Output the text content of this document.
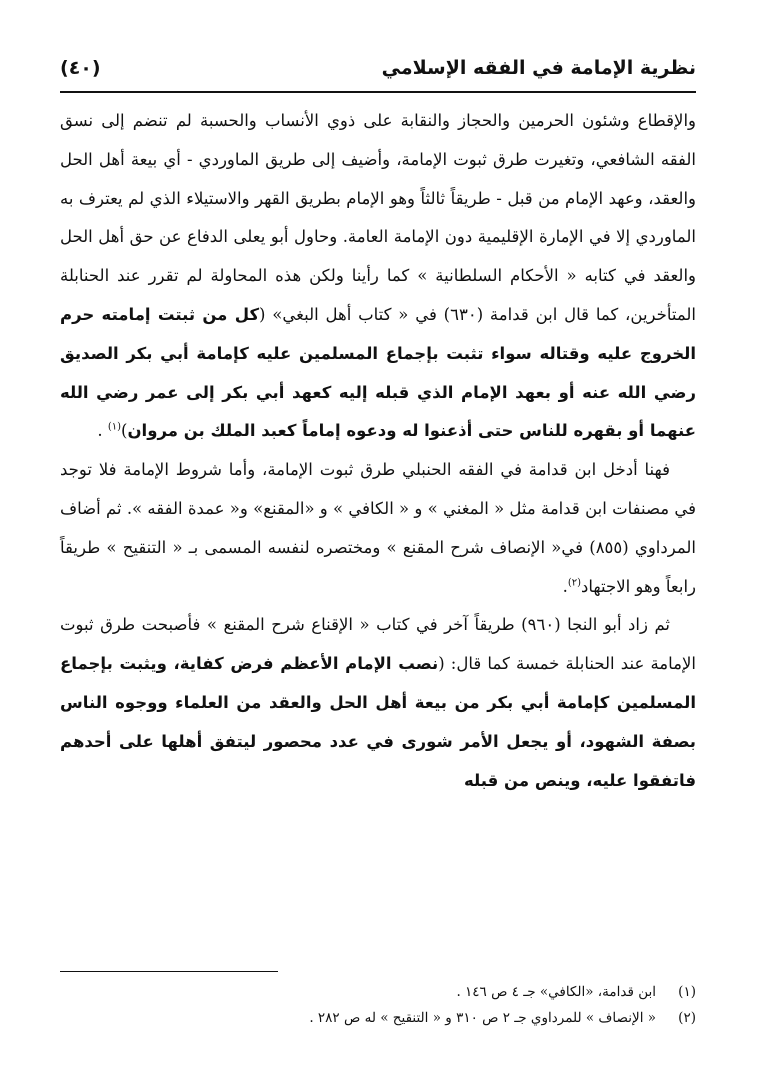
نظرية الإمامة في الفقه الإسلامي
(٤٠)

والإقطاع وشئون الحرمين والحجاز والنقابة على ذوي الأنساب والحسبة لم تنضم إلى نسق الفقه الشافعي، وتغيرت طرق ثبوت الإمامة، وأضيف إلى طريق الماوردي - أي بيعة أهل الحل والعقد، وعهد الإمام من قبل - طريقاً ثالثاً وهو الإمام بطريق القهر والاستيلاء الذي لم يعترف به الماوردي إلا في الإمارة الإقليمية دون الإمامة العامة. وحاول أبو يعلى الدفاع عن حق أهل الحل والعقد في كتابه « الأحكام السلطانية » كما رأينا ولكن هذه المحاولة لم تقرر عند الحنابلة المتأخرين، كما قال ابن قدامة (٦٣٠) في « كتاب أهل البغي» (كل من ثبتت إمامته حرم الخروج عليه وقتاله سواء تثبت بإجماع المسلمين عليه كإمامة أبي بكر الصديق رضي الله عنه أو بعهد الإمام الذي قبله إليه كعهد أبي بكر إلى عمر رضي الله عنهما أو بقهره للناس حتى أذعنوا له ودعوه إماماً كعبد الملك بن مروان)$^{(١)}$ .

فهنا أدخل ابن قدامة في الفقه الحنبلي طرق ثبوت الإمامة، وأما شروط الإمامة فلا توجد في مصنفات ابن قدامة مثل « المغني » و « الكافي » و «المقنع» و« عمدة الفقه ». ثم أضاف المرداوي (٨٥٥) في« الإنصاف شرح المقنع » ومختصره لنفسه المسمى بـ « التنقيح » طريقاً رابعاً وهو الاجتهاد$^{(٢)}$.

ثم زاد أبو النجا (٩٦٠) طريقاً آخر في كتاب « الإقناع شرح المقنع » فأصبحت طرق ثبوت الإمامة عند الحنابلة خمسة كما قال: (نصب الإمام الأعظم فرض كفاية، ويثبت بإجماع المسلمين كإمامة أبي بكر من بيعة أهل الحل والعقد من العلماء ووجوه الناس بصفة الشهود، أو يجعل الأمر شورى في عدد محصور ليتفق أهلها على أحدهم فاتفقوا عليه، وينص من قبله

(١)
ابن قدامة، «الكافي» جـ ٤ ص ١٤٦ .
(٢)
« الإنصاف » للمرداوي جـ ٢ ص ٣١٠ و « التنقيح » له ص ٢٨٢ .
